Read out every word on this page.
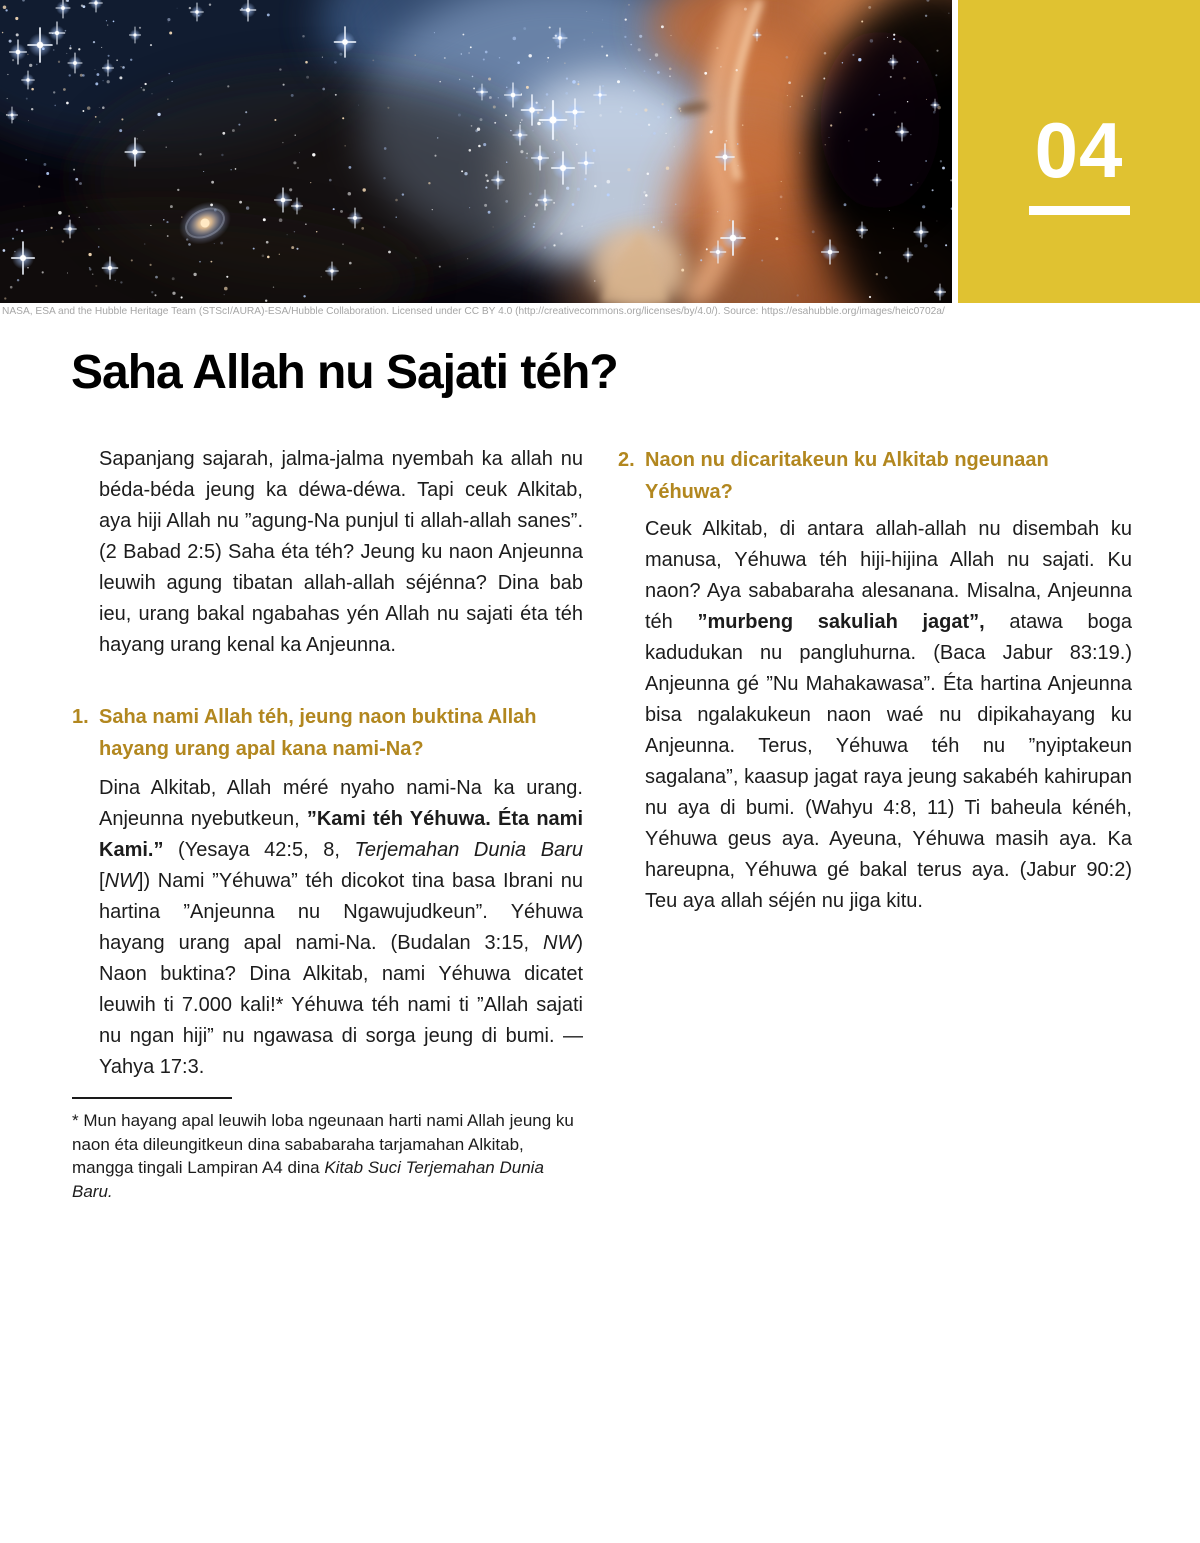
04
NASA, ESA and the Hubble Heritage Team (STScI/AURA)-ESA/Hubble Collaboration. Licensed under CC BY 4.0 (http://creativecommons.org/licenses/by/4.0/). Source: https://esahubble.org/images/heic0702a/
Saha Allah nu Sajati téh?

Sapanjang sajarah, jalma-jalma nyembah ka allah nu béda-béda jeung ka déwa-déwa. Tapi ceuk Alkitab, aya hiji Allah nu ”agung-Na punjul ti allah-allah sanes”. (2 Babad 2:5) Saha éta téh? Jeung ku naon Anjeunna leuwih agung tibatan allah-allah séjénna? Dina bab ieu, urang bakal ngabahas yén Allah nu sajati éta téh hayang urang kenal ka Anjeunna.

1. Saha nami Allah téh, jeung naon buktina Allah hayang urang apal kana nami-Na?

Dina Alkitab, Allah méré nyaho nami-Na ka urang. Anjeunna nyebutkeun, ”Kami téh Yéhuwa. Éta nami Kami.” (Yesaya 42:5, 8, Terjemahan Dunia Baru [NW]) Nami ”Yéhuwa” téh dicokot tina basa Ibrani nu hartina ”Anjeunna nu Ngawujudkeun”. Yéhuwa hayang urang apal nami-Na. (Budalan 3:15, NW) Naon buktina? Dina Alkitab, nami Yéhuwa dicatet leuwih ti 7.000 kali!* Yéhuwa téh nami ti ”Allah sajati nu ngan hiji” nu ngawasa di sorga jeung di bumi. —Yahya 17:3.

* Mun hayang apal leuwih loba ngeunaan harti nami Allah jeung ku naon éta dileungitkeun dina sababaraha tarjamahan Alkitab, mangga tingali Lampiran A4 dina Kitab Suci Terjemahan Dunia Baru.

2. Naon nu dicaritakeun ku Alkitab ngeunaan Yéhuwa?

Ceuk Alkitab, di antara allah-allah nu disembah ku manusa, Yéhuwa téh hiji-hijina Allah nu sajati. Ku naon? Aya sababaraha alesanana. Misalna, Anjeunna téh ”murbeng sakuliah jagat”, atawa boga kadudukan nu pangluhurna. (Baca Jabur 83:19.) Anjeunna gé ”Nu Mahakawasa”. Éta hartina Anjeunna bisa ngalakukeun naon waé nu dipikahayang ku Anjeunna. Terus, Yéhuwa téh nu ”nyiptakeun sagalana”, kaasup jagat raya jeung sakabéh kahirupan nu aya di bumi. (Wahyu 4:8, 11) Ti baheula kénéh, Yéhuwa geus aya. Ayeuna, Yéhuwa masih aya. Ka hareupna, Yéhuwa gé bakal terus aya. (Jabur 90:2) Teu aya allah séjén nu jiga kitu.
